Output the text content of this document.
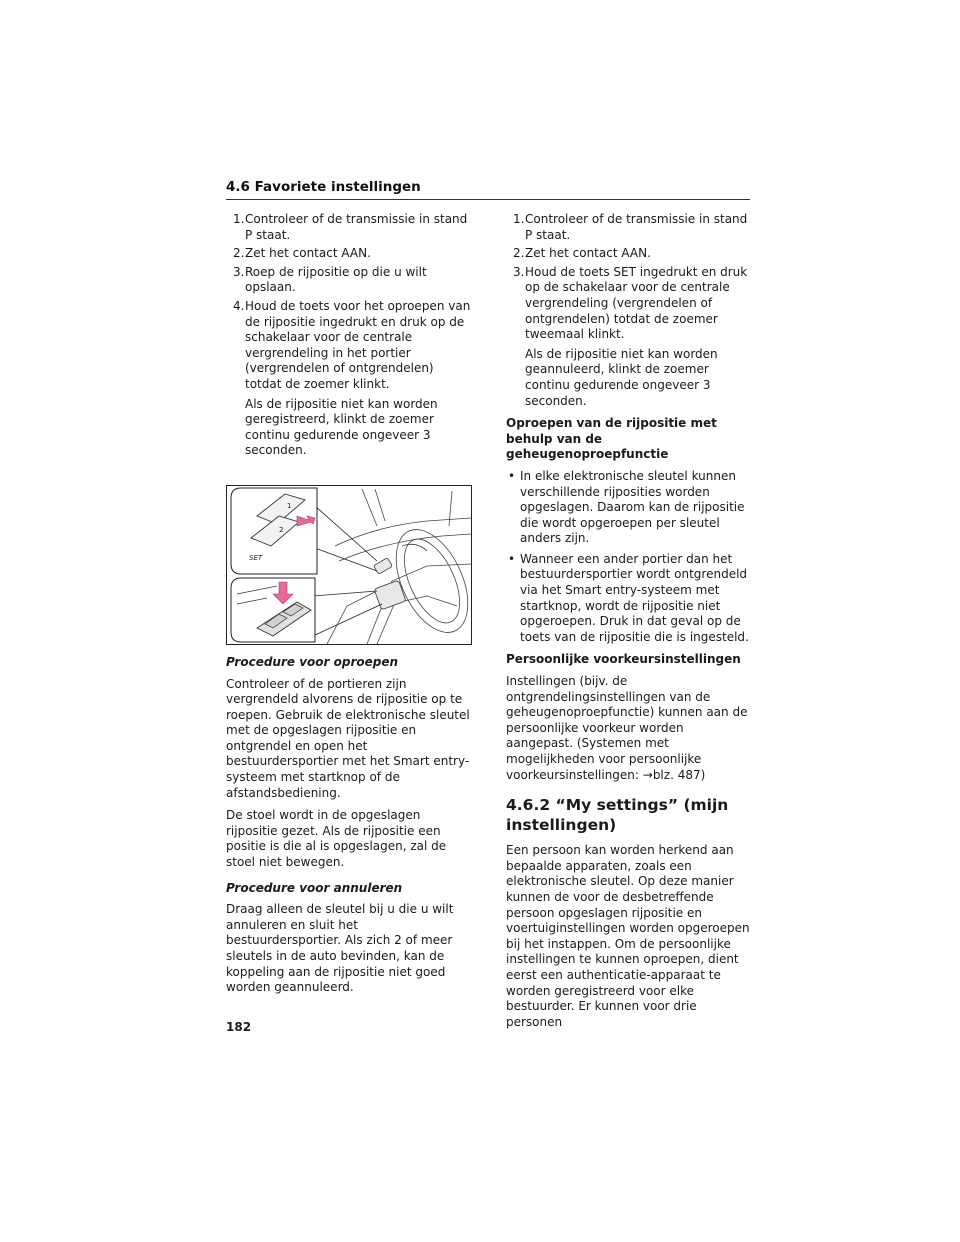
4.6 Favoriete instellingen
1. Controleer of de transmissie in stand P staat.
2. Zet het contact AAN.
3. Roep de rijpositie op die u wilt opslaan.
4. Houd de toets voor het oproepen van de rijpositie ingedrukt en druk op de schakelaar voor de centrale vergrendeling in het portier (vergrendelen of ontgrendelen) totdat de zoemer klinkt.
Als de rijpositie niet kan worden geregistreerd, klinkt de zoemer continu gedurende ongeveer 3 seconden.
1
2
SET
Procedure voor oproepen

Controleer of de portieren zijn vergrendeld alvorens de rijpositie op te roepen. Gebruik de elektronische sleutel met de opgeslagen rijpositie en ontgrendel en open het bestuurdersportier met het Smart entry-systeem met startknop of de afstandsbediening.

De stoel wordt in de opgeslagen rijpositie gezet. Als de rijpositie een positie is die al is opgeslagen, zal de stoel niet bewegen.

Procedure voor annuleren

Draag alleen de sleutel bij u die u wilt annuleren en sluit het bestuurdersportier. Als zich 2 of meer sleutels in de auto bevinden, kan de koppeling aan de rijpositie niet goed worden geannuleerd.

1. Controleer of de transmissie in stand P staat.
2. Zet het contact AAN.
3. Houd de toets SET ingedrukt en druk op de schakelaar voor de centrale vergrendeling (vergrendelen of ontgrendelen) totdat de zoemer tweemaal klinkt.
Als de rijpositie niet kan worden geannuleerd, klinkt de zoemer continu gedurende ongeveer 3 seconden.
Oproepen van de rijpositie met behulp van de geheugenoproepfunctie
• In elke elektronische sleutel kunnen verschillende rijposities worden opgeslagen. Daarom kan de rijpositie die wordt opgeroepen per sleutel anders zijn.
• Wanneer een ander portier dan het bestuurdersportier wordt ontgrendeld via het Smart entry-systeem met startknop, wordt de rijpositie niet opgeroepen. Druk in dat geval op de toets van de rijpositie die is ingesteld.
Persoonlijke voorkeursinstellingen

Instellingen (bijv. de ontgrendelingsinstellingen van de geheugenoproepfunctie) kunnen aan de persoonlijke voorkeur worden aangepast. (Systemen met mogelijkheden voor persoonlijke voorkeursinstellingen: →blz. 487)

4.6.2 “My settings” (mijn instellingen)

Een persoon kan worden herkend aan bepaalde apparaten, zoals een elektronische sleutel. Op deze manier kunnen de voor de desbetreffende persoon opgeslagen rijpositie en voertuiginstellingen worden opgeroepen bij het instappen. Om de persoonlijke instellingen te kunnen oproepen, dient eerst een authenticatie-apparaat te worden geregistreerd voor elke bestuurder. Er kunnen voor drie personen

182
